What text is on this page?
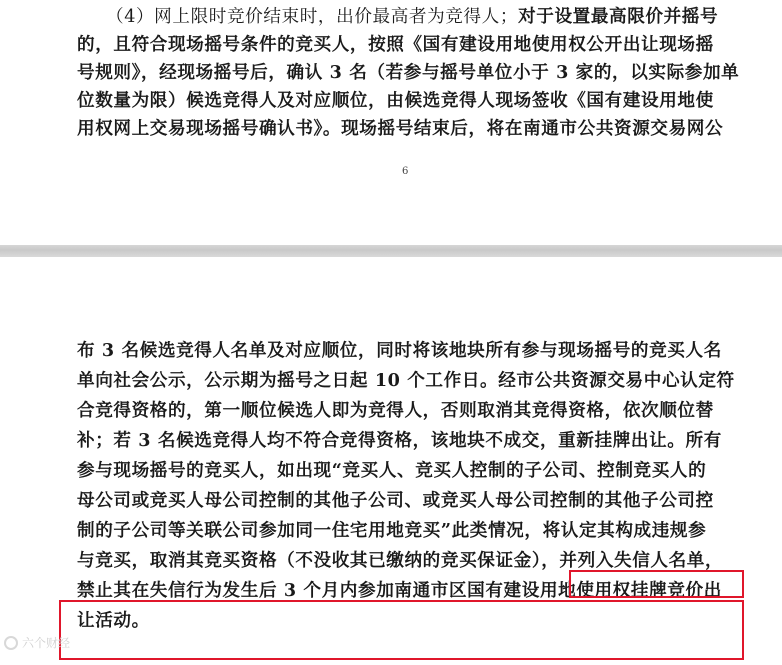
（4）网上限时竞价结束时，出价最高者为竞得人；对于设置最高限价并摇号
的，且符合现场摇号条件的竞买人，按照《国有建设用地使用权公开出让现场摇
号规则》，经现场摇号后，确认 3 名（若参与摇号单位小于 3 家的，以实际参加单
位数量为限）候选竞得人及对应顺位，由候选竞得人现场签收《国有建设用地使
用权网上交易现场摇号确认书》。现场摇号结束后，将在南通市公共资源交易网公
6
布 3 名候选竞得人名单及对应顺位，同时将该地块所有参与现场摇号的竞买人名
单向社会公示，公示期为摇号之日起 10 个工作日。经市公共资源交易中心认定符
合竞得资格的，第一顺位候选人即为竞得人，否则取消其竞得资格，依次顺位替
补；若 3 名候选竞得人均不符合竞得资格，该地块不成交，重新挂牌出让。所有
参与现场摇号的竞买人，如出现“竞买人、竞买人控制的子公司、控制竞买人的
母公司或竞买人母公司控制的其他子公司、或竞买人母公司控制的其他子公司控
制的子公司等关联公司参加同一住宅用地竞买”此类情况，将认定其构成违规参
与竞买，取消其竞买资格（不没收其已缴纳的竞买保证金），并列入失信人名单，
禁止其在失信行为发生后 3 个月内参加南通市区国有建设用地使用权挂牌竞价出
让活动。
六个财经
